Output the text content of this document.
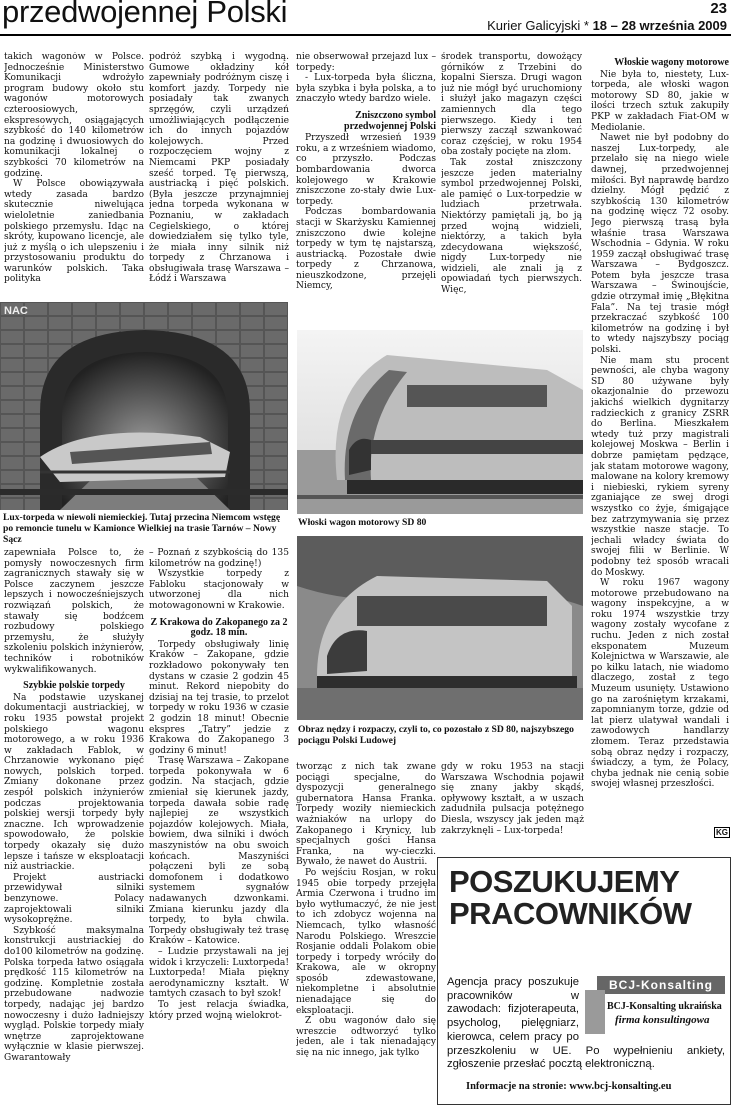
przedwojennej Polski	23
Kurier Galicyjski * 18 – 28 września 2009

takich wagonów w Polsce. Jednocześnie Ministerstwo Komunikacji wdrożyło program budowy około stu wagonów motorowych czteroosiowych, ekspresowych, osiągających szybkość do 140 kilometrów na godzinę i dwuosiowych do komunikacji lokalnej o szybkości 70 kilometrów na godzinę.

W Polsce obowiązywała wtedy zasada bardzo skutecznie niwelująca wieloletnie zaniedbania polskiego przemysłu. Idąc na skróty, kupowano licencje, ale już z myślą o ich ulepszeniu i przystosowaniu produktu do warunków polskich. Taka polityka

podróż szybką i wygodną. Gumowe okładziny kół zapewniały podróżnym ciszę i komfort jazdy. Torpedy nie posiadały tak zwanych sprzęgów, czyli urządzeń umożliwiających podłączenie ich do innych pojazdów kolejowych. Przed rozpoczęciem wojny z Niemcami PKP posiadały sześć torped. Tę pierwszą, austriacką i pięć polskich. (Była jeszcze przynajmniej jedna torpeda wykonana w Poznaniu, w zakładach Cegielskiego, o której dowiedziałem się tylko tyle, że miała inny silnik niż torpedy z Chrzanowa i obsługiwała trasę Warszawa – Łódź i Warszawa

nie obserwował przejazd lux – torpedy:

- Lux-torpeda była śliczna, była szybka i była polska, a to znaczyło wtedy bardzo wiele.

Zniszczono symbol przedwojennej Polski

Przyszedł wrzesień 1939 roku, a z wrześniem wiadomo, co przyszło. Podczas bombardowania dworca kolejowego w Krakowie zniszczone zo-stały dwie Lux-torpedy.

Podczas bombardowania stacji w Skarżysku Kamiennej zniszczono dwie kolejne torpedy w tym tę najstarszą, austriacką. Pozostałe dwie torpedy z Chrzanowa, nieuszkodzone, przejęli Niemcy,

środek transportu, dowożący górników z Trzebini do kopalni Siersza. Drugi wagon już nie mógł być uruchomiony i służył jako magazyn części zamiennych dla tego pierwszego. Kiedy i ten pierwszy zaczął szwankować coraz częściej, w roku 1954 oba zostały pocięte na złom.

Tak został zniszczony jeszcze jeden materialny symbol przedwojennej Polski, ale pamięć o Lux-torpedzie w ludziach przetrwała. Niektórzy pamiętali ją, bo ją przed wojną widzieli, niektórzy, a takich była zdecydowana większość, nigdy Lux-torpedy nie widzieli, ale znali ją z opowiadań tych pierwszych. Więc,

Włoskie wagony motorowe

Nie była to, niestety, Lux-torpeda, ale włoski wagon motorowy SD 80, jakie w ilości trzech sztuk zakupiły PKP w zakładach Fiat-OM w Mediolanie.

Nawet nie był podobny do naszej Lux-torpedy, ale przelało się na niego wiele dawnej, przedwojennej miłości. Był naprawdę bardzo dzielny. Mógł pędzić z szybkością 130 kilometrów na godzinę więcz 72 osoby. Jego pierwszą trasą była właśnie trasa Warszawa Wschodnia – Gdynia. W roku 1959 zaczął obsługiwać trasę Warszawa – Bydgoszcz. Potem była jeszcze trasa Warszawa – Świnoujście, gdzie otrzymał imię „Błękitna Fala”. Na tej trasie mógł przekraczać szybkość 100 kilometrów na godzinę i był to wtedy najszybszy pociąg polski.

Nie mam stu procent pewności, ale chyba wagony SD 80 używane były okazjonalnie do przewozu jakichś wielkich dygnitarzy radzieckich z granicy ZSRR do Berlina. Mieszkałem wtedy tuż przy magistrali kolejowej Moskwa – Berlin i dobrze pamiętam pędzące, jak statam motorowe wagony, malowane na kolory kremowy i niebieski, rykiem syreny zganiające ze swej drogi wszystko co żyje, śmigające bez zatrzymywania się przez wszystkie nasze stacje. To jechali władcy świata do swojej filii w Berlinie. W podobny też sposób wracali do Moskwy.

W roku 1967 wagony motorowe przebudowano na wagony inspekcyjne, a w roku 1974 wszystkie trzy wagony zostały wycofane z ruchu. Jeden z nich został eksponatem Muzeum Kolejnictwa w Warszawie, ale po kilku latach, nie wiadomo dlaczego, został z tego Muzeum usunięty. Ustawiono go na zarośniętym krzakami, zapomnianym torze, gdzie od lat pierz ulatywał wandali i zawodowych handlarzy złomem. Teraz przedstawia sobą obraz nędzy i rozpaczy, świadczy, a tym, że Polacy, chyba jednak nie cenią sobie swojej własnej przeszłości.

KG
NAC
Lux-torpeda w niewoli niemieckiej. Tutaj przecina Niemcom wstęgę po remoncie tunelu w Kamionce Wielkiej na trasie Tarnów – Nowy Sącz
Włoski wagon motorowy SD 80
Obraz nędzy i rozpaczy, czyli to, co pozostało z SD 80, najszybszego pociągu Polski Ludowej

zapewniała Polsce to, że pomysły nowoczesnych firm zagranicznych stawały się w Polsce zaczynem jeszcze lepszych i nowocześniejszych rozwiązań polskich, że stawały się bodźcem rozbudowy polskiego przemysłu, że służyły szkoleniu polskich inżynierów, techników i robotników wykwalifikowanych.

Szybkie polskie torpedy

Na podstawie uzyskanej dokumentacji austriackiej, w roku 1935 powstał projekt polskiego wagonu motorowego, a w roku 1936 w zakładach Fablok, w Chrzanowie wykonano pięć nowych, polskich torped. Zmiany dokonane przez zespół polskich inżynierów podczas projektowania polskiej wersji torpedy były znaczne. Ich wprowadzenie spowodowało, że polskie torpedy okazały się dużo lepsze i tańsze w eksploatacji niż austriackie.

Projekt austriacki przewidywał silniki benzynowe. Polacy zaprojektowali silniki wysokoprężne.

Szybkość maksymalna konstrukcji austriackiej do do100 kilometrów na godzinę. Polska torpeda łatwo osiągała prędkość 115 kilometrów na godzinę. Kompletnie została przebudowane nadwozie torpedy, nadając jej bardzo nowoczesny i dużo ładniejszy wygląd. Polskie torpedy miały wnętrze zaprojektowane wyłącznie w klasie pierwszej. Gwarantowały

– Poznań z szybkością do 135 kilometrów na godzinę!)

Wszystkie torpedy z Fabloku stacjonowały w utworzonej dla nich motowagonowni w Krakowie.

Z Krakowa do Zakopanego za 2 godz. 18 min.

Torpedy obsługiwały linię Kraków – Zakopane, gdzie rozkładowo pokonywały ten dystans w czasie 2 godzin 45 minut. Rekord niepobity do dzisiaj na tej trasie, to przelot torpedy w roku 1936 w czasie 2 godzin 18 minut! Obecnie ekspres „Tatry” jedzie z Krakowa do Zakopanego 3 godziny 6 minut!

Trasę Warszawa – Zakopane torpeda pokonywała w 6 godzin. Na stacjach, gdzie zmieniał się kierunek jazdy, torpeda dawała sobie radę najlepiej ze wszystkich pojazdów kolejowych. Miała, bowiem, dwa silniki i dwóch maszynistów na obu swoich końcach. Maszyniści połączeni byli ze sobą domofonem i dodatkowo systemem sygnałów nadawanych dzwonkami. Zmiana kierunku jazdy dla torpedy, to była chwila. Torpedy obsługiwały też trasę Kraków – Katowice.

– Ludzie przystawali na jej widok i krzyczeli: Luxtorpeda! Luxtorpeda! Miała piękny aerodynamiczny kształt. W tamtych czasach to był szok!

To jest relacja świadka, który przed wojną wielokrot-

tworząc z nich tak zwane pociągi specjalne, do dyspozycji generalnego gubernatora Hansa Franka. Torpedy woziły niemieckich ważniaków na urlopy do Zakopanego i Krynicy, lub specjalnych gości Hansa Franka, na wy-cieczki. Bywało, że nawet do Austrii.

Po wejściu Rosjan, w roku 1945 obie torpedy przejęła Armia Czerwona i trudno im było wytłumaczyć, że nie jest to ich zdobycz wojenna na Niemcach, tylko własność Narodu Polskiego. Wreszcie Rosjanie oddali Polakom obie torpedy i torpedy wróciły do Krakowa, ale w okropny sposób zdewastowane, niekompletne i absolutnie nienadające się do eksploatacji.

Z obu wagonów dało się wreszcie odtworzyć tylko jeden, ale i tak nienadający się na nic innego, jak tylko

gdy w roku 1953 na stacji Warszawa Wschodnia pojawił się znany jakby skądś, opływowy kształt, a w uszach zadudniła pulsacja potężnego Diesla, wszyscy jak jeden mąż zakrzyknęli – Lux-torpeda!

POSZUKUJEMY
PRACOWNIKÓW
BCJ-Konsalting
BCJ-Konsalting ukraińska
firma konsultingowa
Agencja pracy poszukuje pracowników w zawodach: fizjoterapeuta, psycholog, pielęgniarz, kierowca, celem pracy po przeszkoleniu w UE. Po wypełnieniu ankiety, zgłoszenie przesłać pocztą elektroniczną.
Informacje na stronie: www.bcj-konsalting.eu
